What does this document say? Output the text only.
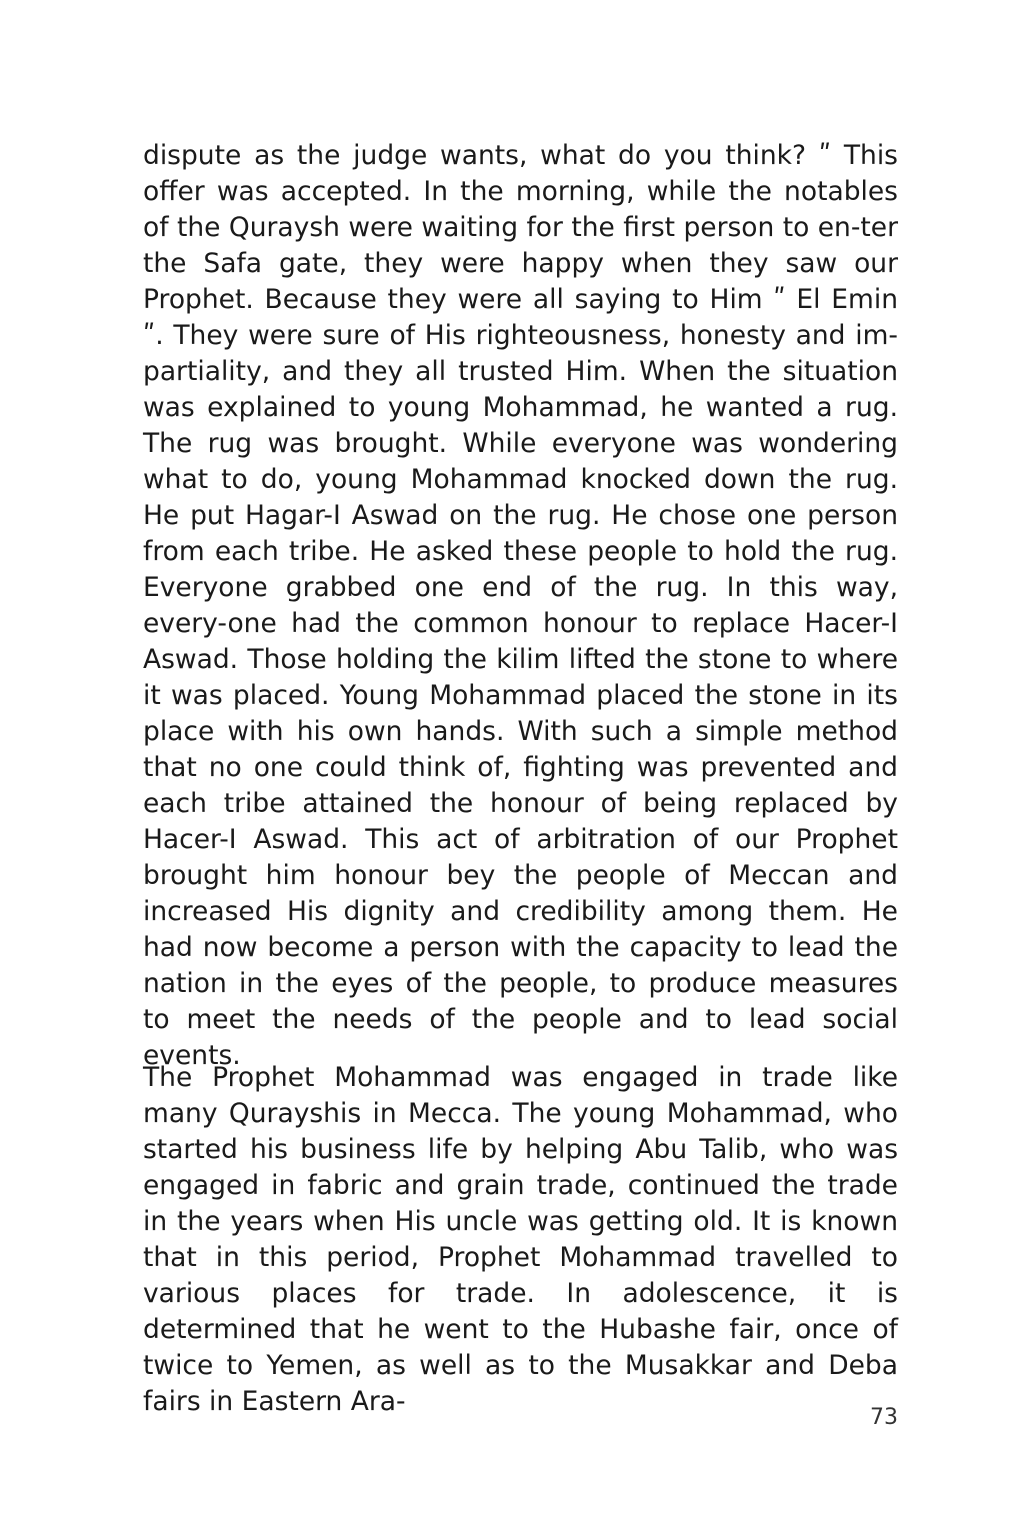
dispute as the judge wants, what do you think? ʺ This offer was accepted. In the morning, while the notables of the Quraysh were waiting for the first person to en-ter the Safa gate, they were happy when they saw our Prophet. Because they were all saying to Him ʺ El Emin ʺ. They were sure of His righteousness, honesty and im-partiality, and they all trusted Him. When the situation was explained to young Mohammad, he wanted a rug. The rug was brought. While everyone was wondering what to do, young Mohammad knocked down the rug. He put Hagar-I Aswad on the rug. He chose one person from each tribe. He asked these people to hold the rug. Everyone grabbed one end of the rug. In this way, every-one had the common honour to replace Hacer-I Aswad. Those holding the kilim lifted the stone to where it was placed. Young Mohammad placed the stone in its place with his own hands. With such a simple method that no one could think of, fighting was prevented and each tribe attained the honour of being replaced by Hacer-I Aswad. This act of arbitration of our Prophet brought him honour bey the people of Meccan and increased His dignity and credibility among them. He had now become a person with the capacity to lead the nation in the eyes of the people, to produce measures to meet the needs of the people and to lead social events.

The Prophet Mohammad was engaged in trade like many Qurayshis in Mecca. The young Mohammad, who started his business life by helping Abu Talib, who was engaged in fabric and grain trade, continued the trade in the years when His uncle was getting old. It is known that in this period, Prophet Mohammad travelled to various places for trade. In adolescence, it is determined that he went to the Hubashe fair, once of twice to Yemen, as well as to the Musakkar and Deba fairs in Eastern Ara-

73
